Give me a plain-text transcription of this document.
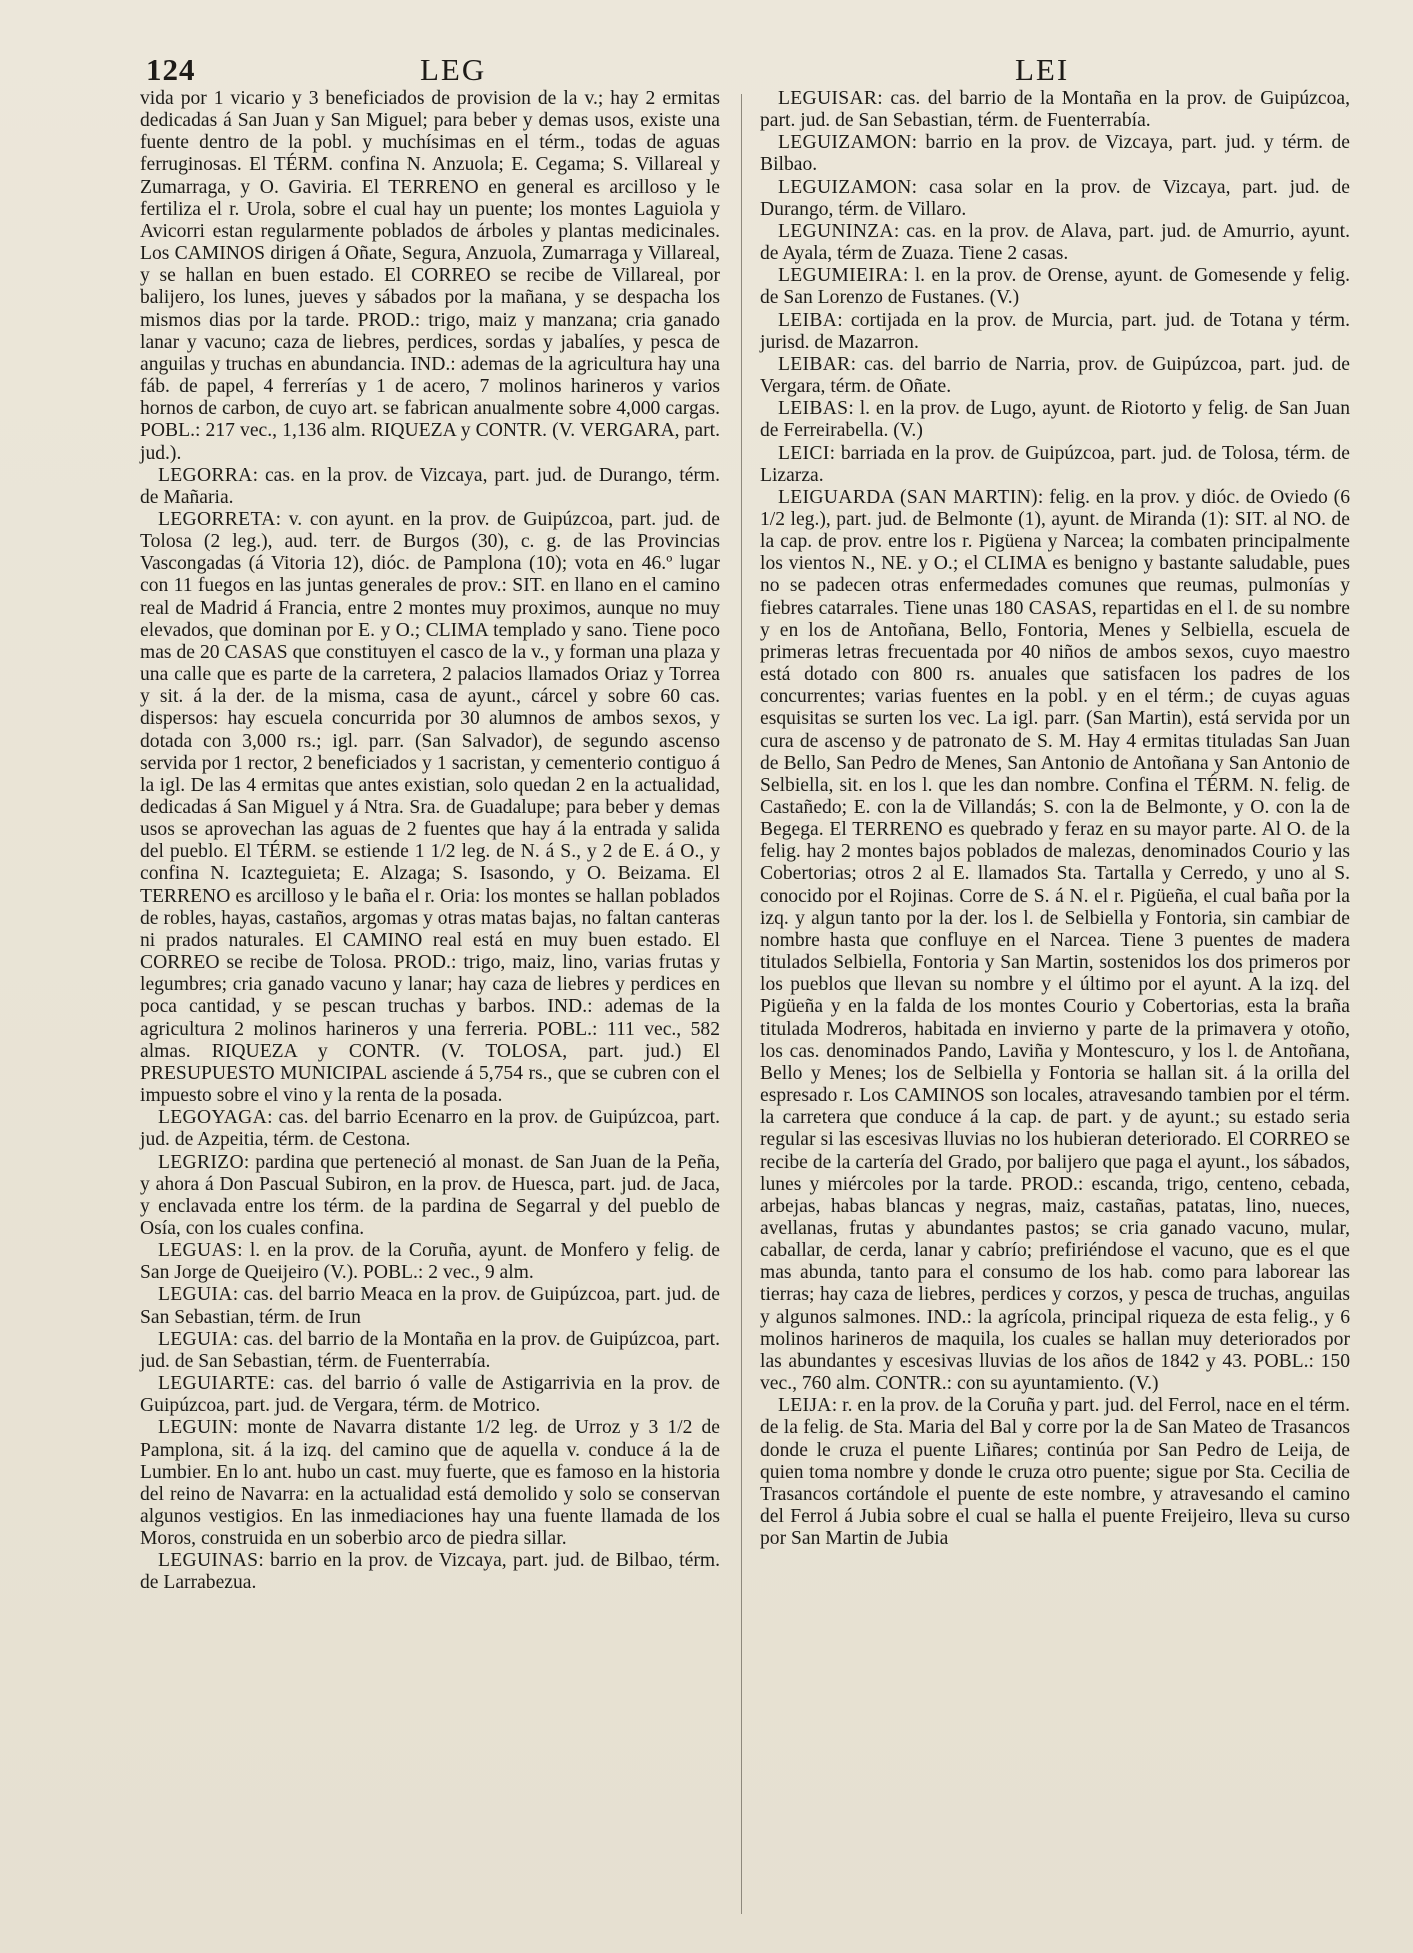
124	LEG	LEI

vida por 1 vicario y 3 beneficiados de provision de la v.; hay 2 ermitas dedicadas á San Juan y San Miguel; para beber y demas usos, existe una fuente dentro de la pobl. y muchísimas en el térm., todas de aguas ferruginosas. El TÉRM. confina N. Anzuola; E. Cegama; S. Villareal y Zumarraga, y O. Gaviria. El TERRENO en general es arcilloso y le fertiliza el r. Urola, sobre el cual hay un puente; los montes Laguiola y Avicorri estan regularmente poblados de árboles y plantas medicinales. Los CAMINOS dirigen á Oñate, Segura, Anzuola, Zumarraga y Villareal, y se hallan en buen estado. El CORREO se recibe de Villareal, por balijero, los lunes, jueves y sábados por la mañana, y se despacha los mismos dias por la tarde. PROD.: trigo, maiz y manzana; cria ganado lanar y vacuno; caza de liebres, perdices, sordas y jabalíes, y pesca de anguilas y truchas en abundancia. IND.: ademas de la agricultura hay una fáb. de papel, 4 ferrerías y 1 de acero, 7 molinos harineros y varios hornos de carbon, de cuyo art. se fabrican anualmente sobre 4,000 cargas. POBL.: 217 vec., 1,136 alm. RIQUEZA y CONTR. (V. VERGARA, part. jud.).

LEGORRA: cas. en la prov. de Vizcaya, part. jud. de Durango, térm. de Mañaria.

LEGORRETA: v. con ayunt. en la prov. de Guipúzcoa, part. jud. de Tolosa (2 leg.), aud. terr. de Burgos (30), c. g. de las Provincias Vascongadas (á Vitoria 12), dióc. de Pamplona (10); vota en 46.º lugar con 11 fuegos en las juntas generales de prov.: SIT. en llano en el camino real de Madrid á Francia, entre 2 montes muy proximos, aunque no muy elevados, que dominan por E. y O.; CLIMA templado y sano. Tiene poco mas de 20 CASAS que constituyen el casco de la v., y forman una plaza y una calle que es parte de la carretera, 2 palacios llamados Oriaz y Torrea y sit. á la der. de la misma, casa de ayunt., cárcel y sobre 60 cas. dispersos: hay escuela concurrida por 30 alumnos de ambos sexos, y dotada con 3,000 rs.; igl. parr. (San Salvador), de segundo ascenso servida por 1 rector, 2 beneficiados y 1 sacristan, y cementerio contiguo á la igl. De las 4 ermitas que antes existian, solo quedan 2 en la actualidad, dedicadas á San Miguel y á Ntra. Sra. de Guadalupe; para beber y demas usos se aprovechan las aguas de 2 fuentes que hay á la entrada y salida del pueblo. El TÉRM. se estiende 1 1/2 leg. de N. á S., y 2 de E. á O., y confina N. Icazteguieta; E. Alzaga; S. Isasondo, y O. Beizama. El TERRENO es arcilloso y le baña el r. Oria: los montes se hallan poblados de robles, hayas, castaños, argomas y otras matas bajas, no faltan canteras ni prados naturales. El CAMINO real está en muy buen estado. El CORREO se recibe de Tolosa. PROD.: trigo, maiz, lino, varias frutas y legumbres; cria ganado vacuno y lanar; hay caza de liebres y perdices en poca cantidad, y se pescan truchas y barbos. IND.: ademas de la agricultura 2 molinos harineros y una ferreria. POBL.: 111 vec., 582 almas. RIQUEZA y CONTR. (V. TOLOSA, part. jud.) El PRESUPUESTO MUNICIPAL asciende á 5,754 rs., que se cubren con el impuesto sobre el vino y la renta de la posada.

LEGOYAGA: cas. del barrio Ecenarro en la prov. de Guipúzcoa, part. jud. de Azpeitia, térm. de Cestona.

LEGRIZO: pardina que perteneció al monast. de San Juan de la Peña, y ahora á Don Pascual Subiron, en la prov. de Huesca, part. jud. de Jaca, y enclavada entre los térm. de la pardina de Segarral y del pueblo de Osía, con los cuales confina.

LEGUAS: l. en la prov. de la Coruña, ayunt. de Monfero y felig. de San Jorge de Queijeiro (V.). POBL.: 2 vec., 9 alm.

LEGUIA: cas. del barrio Meaca en la prov. de Guipúzcoa, part. jud. de San Sebastian, térm. de Irun

LEGUIA: cas. del barrio de la Montaña en la prov. de Guipúzcoa, part. jud. de San Sebastian, térm. de Fuenterrabía.

LEGUIARTE: cas. del barrio ó valle de Astigarrivia en la prov. de Guipúzcoa, part. jud. de Vergara, térm. de Motrico.

LEGUIN: monte de Navarra distante 1/2 leg. de Urroz y 3 1/2 de Pamplona, sit. á la izq. del camino que de aquella v. conduce á la de Lumbier. En lo ant. hubo un cast. muy fuerte, que es famoso en la historia del reino de Navarra: en la actualidad está demolido y solo se conservan algunos vestigios. En las inmediaciones hay una fuente llamada de los Moros, construida en un soberbio arco de piedra sillar.

LEGUINAS: barrio en la prov. de Vizcaya, part. jud. de Bilbao, térm. de Larrabezua.

LEGUISAR: cas. del barrio de la Montaña en la prov. de Guipúzcoa, part. jud. de San Sebastian, térm. de Fuenterrabía.

LEGUIZAMON: barrio en la prov. de Vizcaya, part. jud. y térm. de Bilbao.

LEGUIZAMON: casa solar en la prov. de Vizcaya, part. jud. de Durango, térm. de Villaro.

LEGUNINZA: cas. en la prov. de Alava, part. jud. de Amurrio, ayunt. de Ayala, térm de Zuaza. Tiene 2 casas.

LEGUMIEIRA: l. en la prov. de Orense, ayunt. de Gomesende y felig. de San Lorenzo de Fustanes. (V.)

LEIBA: cortijada en la prov. de Murcia, part. jud. de Totana y térm. jurisd. de Mazarron.

LEIBAR: cas. del barrio de Narria, prov. de Guipúzcoa, part. jud. de Vergara, térm. de Oñate.

LEIBAS: l. en la prov. de Lugo, ayunt. de Riotorto y felig. de San Juan de Ferreirabella. (V.)

LEICI: barriada en la prov. de Guipúzcoa, part. jud. de Tolosa, térm. de Lizarza.

LEIGUARDA (SAN MARTIN): felig. en la prov. y dióc. de Oviedo (6 1/2 leg.), part. jud. de Belmonte (1), ayunt. de Miranda (1): SIT. al NO. de la cap. de prov. entre los r. Pigüena y Narcea; la combaten principalmente los vientos N., NE. y O.; el CLIMA es benigno y bastante saludable, pues no se padecen otras enfermedades comunes que reumas, pulmonías y fiebres catarrales. Tiene unas 180 CASAS, repartidas en el l. de su nombre y en los de Antoñana, Bello, Fontoria, Menes y Selbiella, escuela de primeras letras frecuentada por 40 niños de ambos sexos, cuyo maestro está dotado con 800 rs. anuales que satisfacen los padres de los concurrentes; varias fuentes en la pobl. y en el térm.; de cuyas aguas esquisitas se surten los vec. La igl. parr. (San Martin), está servida por un cura de ascenso y de patronato de S. M. Hay 4 ermitas tituladas San Juan de Bello, San Pedro de Menes, San Antonio de Antoñana y San Antonio de Selbiella, sit. en los l. que les dan nombre. Confina el TÉRM. N. felig. de Castañedo; E. con la de Villandás; S. con la de Belmonte, y O. con la de Begega. El TERRENO es quebrado y feraz en su mayor parte. Al O. de la felig. hay 2 montes bajos poblados de malezas, denominados Courio y las Cobertorias; otros 2 al E. llamados Sta. Tartalla y Cerredo, y uno al S. conocido por el Rojinas. Corre de S. á N. el r. Pigüeña, el cual baña por la izq. y algun tanto por la der. los l. de Selbiella y Fontoria, sin cambiar de nombre hasta que confluye en el Narcea. Tiene 3 puentes de madera titulados Selbiella, Fontoria y San Martin, sostenidos los dos primeros por los pueblos que llevan su nombre y el último por el ayunt. A la izq. del Pigüeña y en la falda de los montes Courio y Cobertorias, esta la braña titulada Modreros, habitada en invierno y parte de la primavera y otoño, los cas. denominados Pando, Laviña y Montescuro, y los l. de Antoñana, Bello y Menes; los de Selbiella y Fontoria se hallan sit. á la orilla del espresado r. Los CAMINOS son locales, atravesando tambien por el térm. la carretera que conduce á la cap. de part. y de ayunt.; su estado seria regular si las escesivas lluvias no los hubieran deteriorado. El CORREO se recibe de la cartería del Grado, por balijero que paga el ayunt., los sábados, lunes y miércoles por la tarde. PROD.: escanda, trigo, centeno, cebada, arbejas, habas blancas y negras, maiz, castañas, patatas, lino, nueces, avellanas, frutas y abundantes pastos; se cria ganado vacuno, mular, caballar, de cerda, lanar y cabrío; prefiriéndose el vacuno, que es el que mas abunda, tanto para el consumo de los hab. como para laborear las tierras; hay caza de liebres, perdices y corzos, y pesca de truchas, anguilas y algunos salmones. IND.: la agrícola, principal riqueza de esta felig., y 6 molinos harineros de maquila, los cuales se hallan muy deteriorados por las abundantes y escesivas lluvias de los años de 1842 y 43. POBL.: 150 vec., 760 alm. CONTR.: con su ayuntamiento. (V.)

LEIJA: r. en la prov. de la Coruña y part. jud. del Ferrol, nace en el térm. de la felig. de Sta. Maria del Bal y corre por la de San Mateo de Trasancos donde le cruza el puente Liñares; continúa por San Pedro de Leija, de quien toma nombre y donde le cruza otro puente; sigue por Sta. Cecilia de Trasancos cortándole el puente de este nombre, y atravesando el camino del Ferrol á Jubia sobre el cual se halla el puente Freijeiro, lleva su curso por San Martin de Jubia
